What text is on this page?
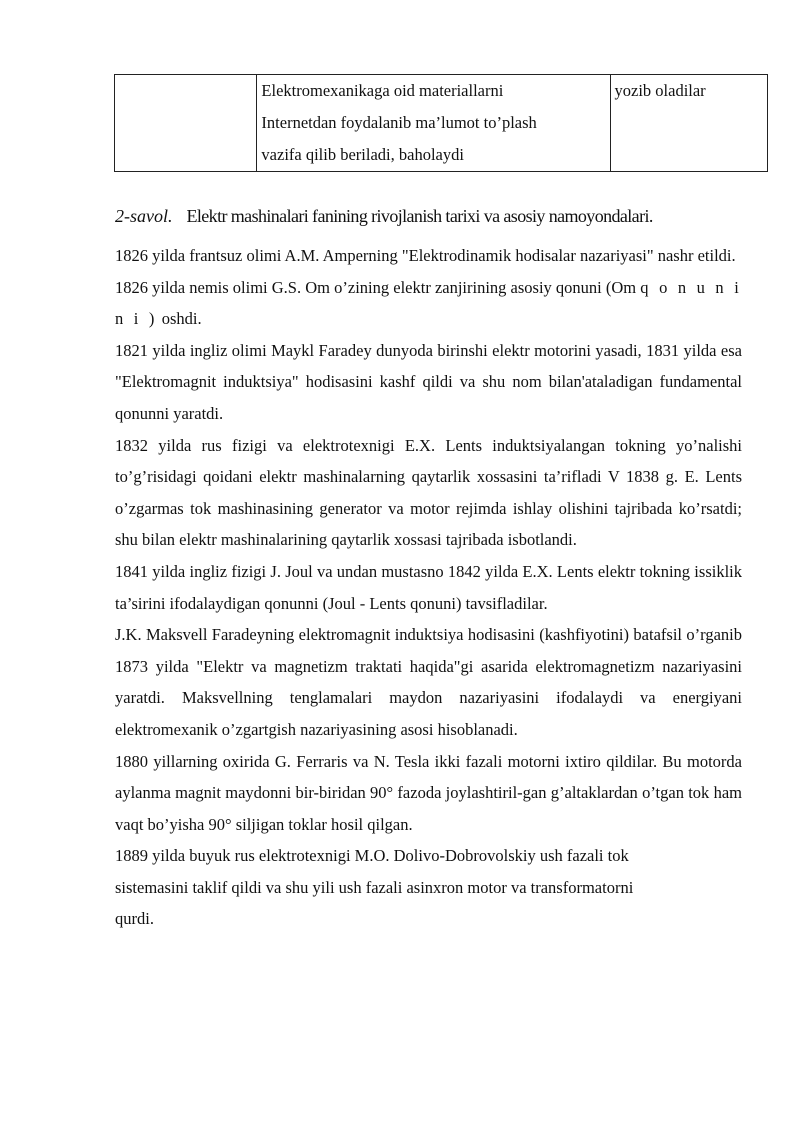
Elektromexanikaga oid materiallarni
Internetdan foydalanib ma’lumot to’plash
vazifa qilib beriladi, baholaydi
	yozib oladilar
2-savol. Elektr mashinalari fanining rivojlanish tarixi va asosiy namoyondalari.

1826 yilda frantsuz olimi A.M. Amperning "Elektrodinamik hodisalar nazariyasi" nashr etildi.

1826 yilda nemis olimi G.S. Om o’zining elektr zanjirining asosiy qonuni (Om q o n u n i n i ) oshdi.

1821 yilda ingliz olimi Maykl Faradey dunyoda birinshi elektr motorini yasadi, 1831 yilda esa "Elektromagnit induktsiya" hodisasini kashf qildi va shu nom bilan'ataladigan fundamental qonunni yaratdi.

1832 yilda rus fizigi va elektrotexnigi E.X. Lents induktsiyalangan tokning yo’nalishi to’g’risidagi qoidani elektr mashinalarning qaytarlik xossasini ta’rifladi V 1838 g. E. Lents o’zgarmas tok mashinasining generator va motor rejimda ishlay olishini tajribada ko’rsatdi; shu bilan elektr mashinalarining qaytarlik xossasi tajribada isbotlandi.

1841 yilda ingliz fizigi J. Joul va undan mustasno 1842 yilda E.X. Lents elektr tokning issiklik ta’sirini ifodalaydigan qonunni (Joul - Lents qonuni) tavsifladilar.

J.K. Maksvell Faradeyning elektromagnit induktsiya hodisasini (kashfiyotini) batafsil o’rganib 1873 yilda "Elektr va magnetizm traktati haqida"gi asarida elektromagnetizm nazariyasini yaratdi. Maksvellning tenglamalari maydon nazariyasini ifodalaydi va energiyani elektromexanik o’zgartgish nazariyasining asosi hisoblanadi.

1880 yillarning oxirida G. Ferraris va N. Tesla ikki fazali motorni ixtiro qildilar. Bu motorda aylanma magnit maydonni bir-biridan 90° fazoda joylashtiril-gan g’altaklardan o’tgan tok ham vaqt bo’yisha 90° siljigan toklar hosil qilgan.

1889 yilda buyuk rus elektrotexnigi M.O. Dolivo-Dobrovolskiy ush fazali tok
sistemasini taklif qildi va shu yili ush fazali asinxron motor va transformatorni
qurdi.
